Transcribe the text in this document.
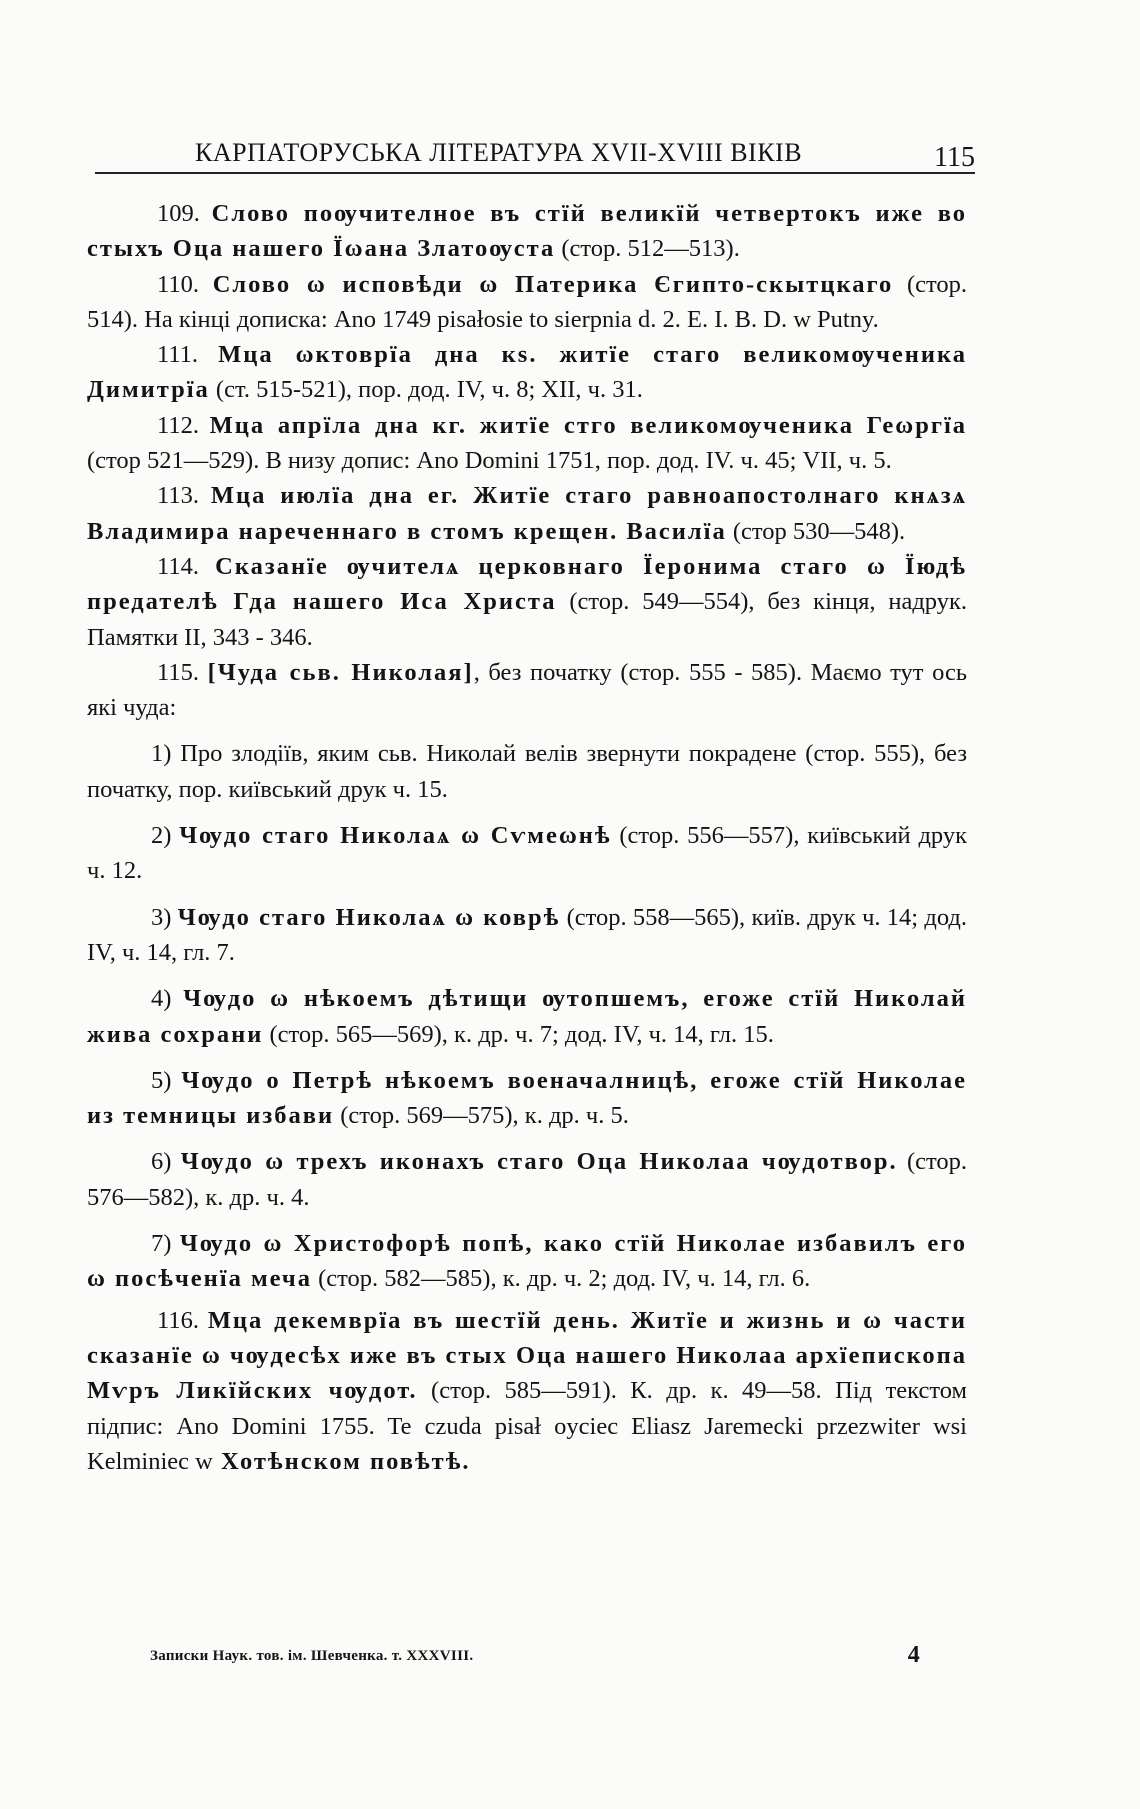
КАРПАТОРУСЬКА ЛІТЕРАТУРА XVII-XVIII ВІКІВ	115

109. Слово поѹчителное въ стїй великїй четвертокъ иже во стыхъ Оца нашего Їωана Златоѹста (стор. 512—513).

110. Слово ω исповѣди ω Патерика Єгипто-скытцкаго (стор. 514). На кінці дописка: Ano 1749 pisałosie to sierpnia d. 2. E. I. B. D. w Putny.

111. Мца ωктоврїа дна кѕ. житїе стаго великомѹченика Димитрїа (ст. 515-521), пор. дод. IV, ч. 8; XII, ч. 31.

112. Мца апрїла дна кг. житїе стго великомѹченика Геωргїа (стор 521—529). В низу допис: Ano Domini 1751, пор. дод. IV. ч. 45; VII, ч. 5.

113. Мца июлїа дна ег. Житїе стаго равноапостолнаго кнѧзѧ Владимира нареченнаго в стомъ крещен. Василїа (стор 530—548).

114. Сказанїе ѹчителѧ церковнаго Їеронима стаго ω Їюдѣ предателѣ Гда нашего Иса Христа (стор. 549—554), без кінця, надрук. Памятки II, 343 - 346.

115. [Чуда сьв. Николая], без початку (стор. 555 - 585). Маємо тут ось які чуда:

1) Про злодіїв, яким сьв. Николай велів звернути покрадене (стор. 555), без початку, пор. київський друк ч. 15.

2) Чѹдо стаго Николаѧ ω Сѵмеωнѣ (стор. 556—557), київський друк ч. 12.

3) Чѹдо стаго Николаѧ ω коврѣ (стор. 558—565), київ. друк ч. 14; дод. IV, ч. 14, гл. 7.

4) Чѹдо ω нѣкоемъ дѣтищи ѹтопшемъ, егоже стїй Николай жива сохрани (стор. 565—569), к. др. ч. 7; дод. IV, ч. 14, гл. 15.

5) Чѹдо о Петрѣ нѣкоемъ военачалницѣ, егоже стїй Николае из темницы избави (стор. 569—575), к. др. ч. 5.

6) Чѹдо ω трехъ иконахъ стаго Оца Николаа чѹдотвор. (стор. 576—582), к. др. ч. 4.

7) Чѹдо ω Христофорѣ попѣ, како стїй Николае избавилъ его ω посѣченїа меча (стор. 582—585), к. др. ч. 2; дод. IV, ч. 14, гл. 6.

116. Мца декемврїа въ шестїй день. Житїе и жизнь и ω части сказанїе ω чѹдесѣх иже въ стых Оца нашего Николаа архїепископа Мѵръ Ликїйских чѹдот. (стор. 585—591). К. др. к. 49—58. Під текстом підпис: Ano Domini 1755. Te czuda pisał oyciec Eliasz Jaremecki przezwiter wsi Kelminiec w Хотѣнском повѣтѣ.

Записки Наук. тов. ім. Шевченка. т. XXXVIII.	4
